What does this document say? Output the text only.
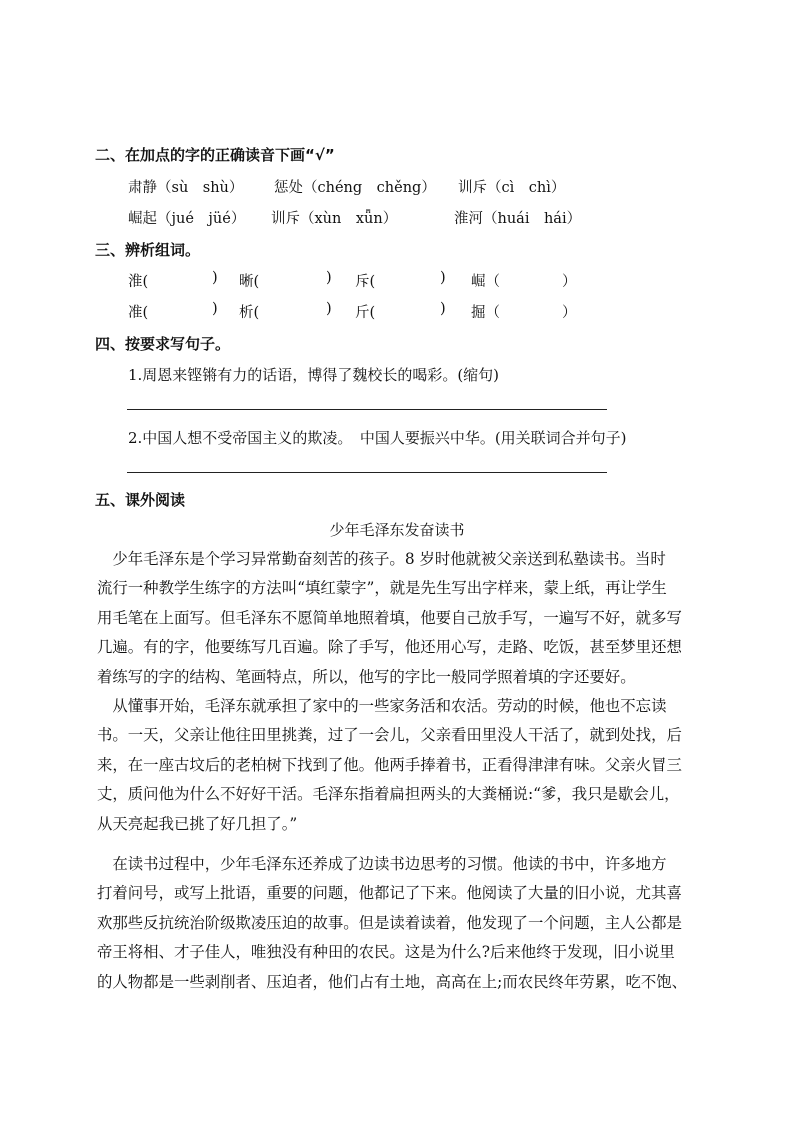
二、在加点的字的正确读音下画“√”
肃静（sù　shù） 惩处（chéng　chěng） 训斥（cì　chì）
崛起（jué　jüé） 训斥（xùn　xǖn）	淮河（huái　hái）
三、辨析组词。
淮(	) 晰(	) 斥(	) 崛（	）
准(	) 析(	) 斤(	) 掘（	）
四、按要求写句子。
1.周恩来铿锵有力的话语，博得了魏校长的喝彩。(缩句)
2.中国人想不受帝国主义的欺凌。　中国人要振兴中华。(用关联词合并句子)
五、课外阅读
少年毛泽东发奋读书
　少年毛泽东是个学习异常勤奋刻苦的孩子。8 岁时他就被父亲送到私塾读书。当时
流行一种教学生练字的方法叫“填红蒙字”，就是先生写出字样来，蒙上纸，再让学生
用毛笔在上面写。但毛泽东不愿简单地照着填，他要自己放手写，一遍写不好，就多写
几遍。有的字，他要练写几百遍。除了手写，他还用心写，走路、吃饭，甚至梦里还想
着练写的字的结构、笔画特点，所以，他写的字比一般同学照着填的字还要好。
　从懂事开始，毛泽东就承担了家中的一些家务活和农活。劳动的时候，他也不忘读
书。一天，父亲让他往田里挑粪，过了一会儿，父亲看田里没人干活了，就到处找，后
来，在一座古坟后的老柏树下找到了他。他两手捧着书，正看得津津有味。父亲火冒三
丈，质问他为什么不好好干活。毛泽东指着扁担两头的大粪桶说:“爹，我只是歇会儿，
从天亮起我已挑了好几担了。”
　在读书过程中，少年毛泽东还养成了边读书边思考的习惯。他读的书中，许多地方
打着问号，或写上批语，重要的问题，他都记了下来。他阅读了大量的旧小说，尤其喜
欢那些反抗统治阶级欺凌压迫的故事。但是读着读着，他发现了一个问题，主人公都是
帝王将相、才子佳人，唯独没有种田的农民。这是为什么?后来他终于发现，旧小说里
的人物都是一些剥削者、压迫者，他们占有土地，高高在上;而农民终年劳累，吃不饱、
